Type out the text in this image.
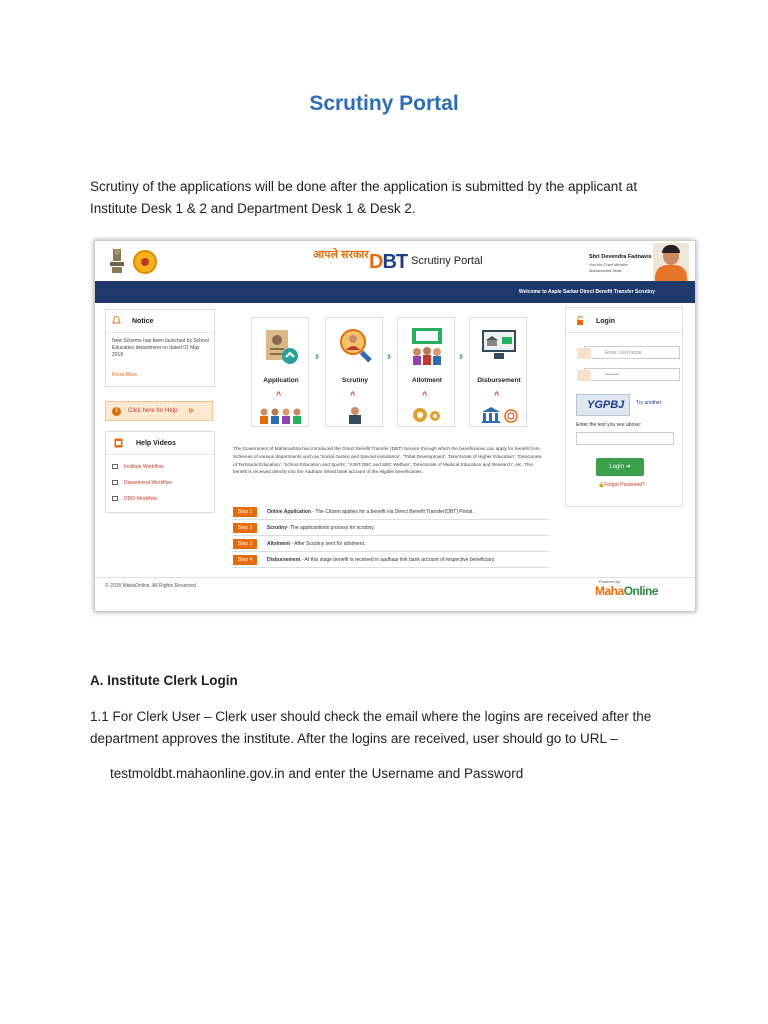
Scrutiny Portal
Scrutiny of the applications will be done after the application is submitted by the applicant at
Institute Desk 1 & 2 and Department Desk 1 & Desk 2.
आपले सरकार DBT Scrutiny Portal	Shri Devendra Fadnavis
Hon'ble Chief Minister Maharashtra State
Welcome to Aaple Sarkar Direct Benefit Transfer Scrutiny
Notice
New Scheme has been launched by School Education department on dated 01 May 2018
Know More
i	Click here for Help »
Help Videos
Institute Workflow
Department Workflow
DDO Workflow
Application
^
›
Scrutiny
^
›
Allotment
^
›
Disbursement
^
The Government of Maharashtra has introduced the Direct Benefit Transfer (DBT) Service through which the beneficiaries can apply for benefit from Schemes of various departments such as 'Social Justice and Special Assistance', 'Tribal Development', 'Directorate of Higher Education', 'Directorate of Technical Education', 'School Education and Sports', 'VJNT,OBC and SBC Welfare', 'Directorate of Medical Education and Research', etc. This benefit is received directly into the Aadhaar linked bank account of the eligible beneficiaries.
Step 1	Online Application - The Citizen applies for a benefit via Direct Benefit Transfer(DBT) Portal.
Step 2	Scrutiny- The applicantions process for scrutiny.
Step 3	Allotment - After Scrutiny sent for allotment.
Step 4	Disbursement - At this stage benefit is received in aadhaar link bank account of respective beneficiary.
Login
Enter Username
••••••••
YGPBJ Try another
Enter the text you see above:
Login ➜
🔒Forgot Password?
© 2018 MahaOnline. All Rights Reserved.
Powered by
MahaOnline
A. Institute Clerk Login
1.1 For Clerk User – Clerk user should check the email where the logins are received after the
department approves the institute. After the logins are received, user should go to URL –
testmoldbt.mahaonline.gov.in and enter the Username and Password
